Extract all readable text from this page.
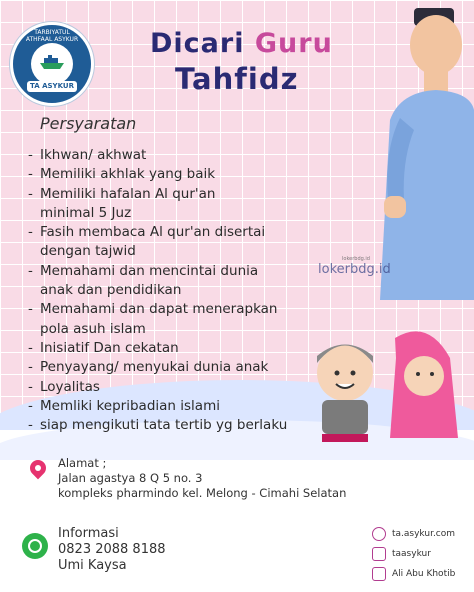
TARBIYATUL ATHFAAL ASYKUR
TA ASYKUR
Dicari Guru
Tahfidz
Persyaratan
- Ikhwan/ akhwat
- Memiliki akhlak yang baik
- Memiliki hafalan Al qur'an
minimal 5 Juz
- Fasih membaca Al qur'an disertai
dengan tajwid
- Memahami dan mencintai dunia
anak dan pendidikan
- Memahami dan dapat menerapkan
pola asuh islam
- Inisiatif Dan cekatan
- Penyayang/ menyukai dunia anak
- Loyalitas
- Memliki kepribadian islami
- siap mengikuti tata tertib yg berlaku
lokerbdg.id
lokerbdg.id
Alamat ;
Jalan agastya 8 Q 5 no. 3
kompleks pharmindo kel. Melong - Cimahi Selatan
Informasi
0823 2088 8188
Umi Kaysa
ta.asykur.com
taasykur
Ali Abu Khotib
